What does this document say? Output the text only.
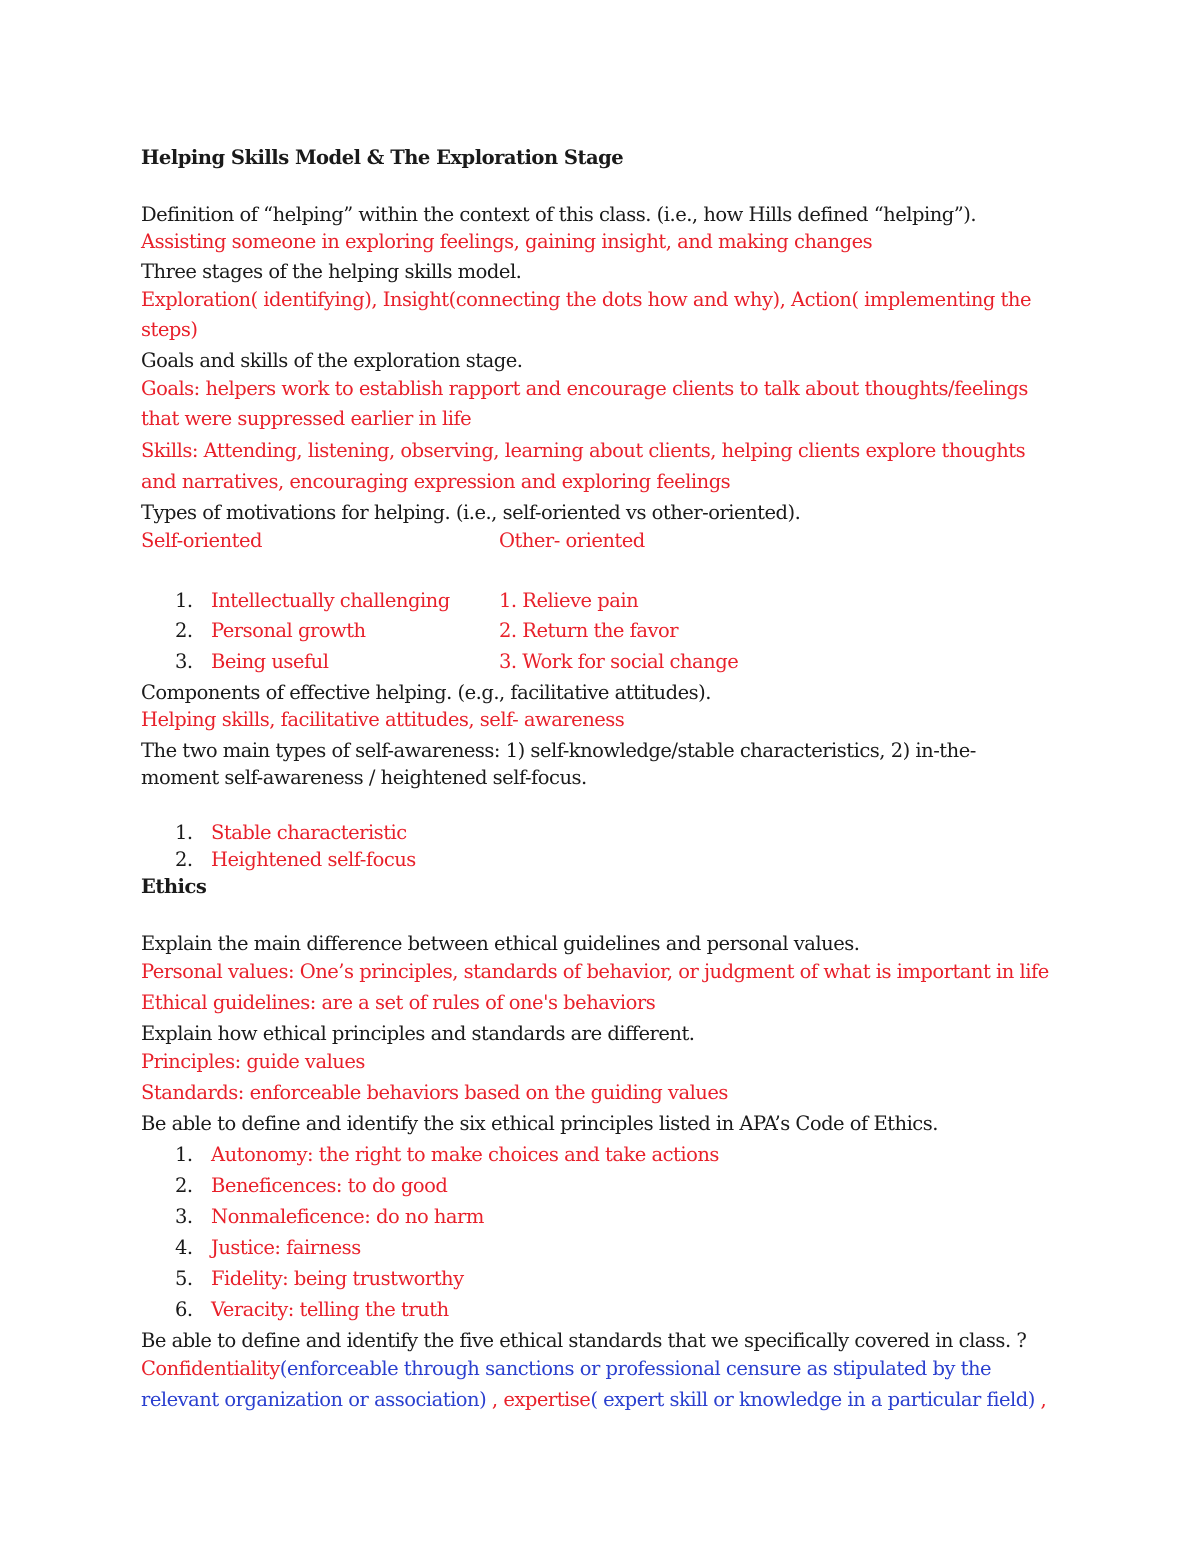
Helping Skills Model & The Exploration Stage

Definition of “helping” within the context of this class. (i.e., how Hills defined “helping”).

Assisting someone in exploring feelings, gaining insight, and making changes

Three stages of the helping skills model.

Exploration( identifying), Insight(connecting the dots how and why), Action( implementing the

steps)

Goals and skills of the exploration stage.

Goals: helpers work to establish rapport and encourage clients to talk about thoughts/feelings

that were suppressed earlier in life

Skills: Attending, listening, observing, learning about clients, helping clients explore thoughts

and narratives, encouraging expression and exploring feelings

Types of motivations for helping. (i.e., self-oriented vs other-oriented).

Self-oriented	Other- oriented

1. Intellectually challenging	1. Relieve pain

2. Personal growth	2. Return the favor

3. Being useful	3. Work for social change

Components of effective helping. (e.g., facilitative attitudes).

Helping skills, facilitative attitudes, self- awareness

The two main types of self-awareness: 1) self-knowledge/stable characteristics, 2) in-the-

moment self-awareness / heightened self-focus.

1. Stable characteristic

2. Heightened self-focus

Ethics

Explain the main difference between ethical guidelines and personal values.

Personal values: One’s principles, standards of behavior, or judgment of what is important in life

Ethical guidelines: are a set of rules of one's behaviors

Explain how ethical principles and standards are different.

Principles: guide values

Standards: enforceable behaviors based on the guiding values

Be able to define and identify the six ethical principles listed in APA’s Code of Ethics.

1. Autonomy: the right to make choices and take actions

2. Beneficences: to do good

3. Nonmaleficence: do no harm

4. Justice: fairness

5. Fidelity: being trustworthy

6. Veracity: telling the truth

Be able to define and identify the five ethical standards that we specifically covered in class. ?

Confidentiality(enforceable through sanctions or professional censure as stipulated by the

relevant organization or association) , expertise( expert skill or knowledge in a particular field) ,
